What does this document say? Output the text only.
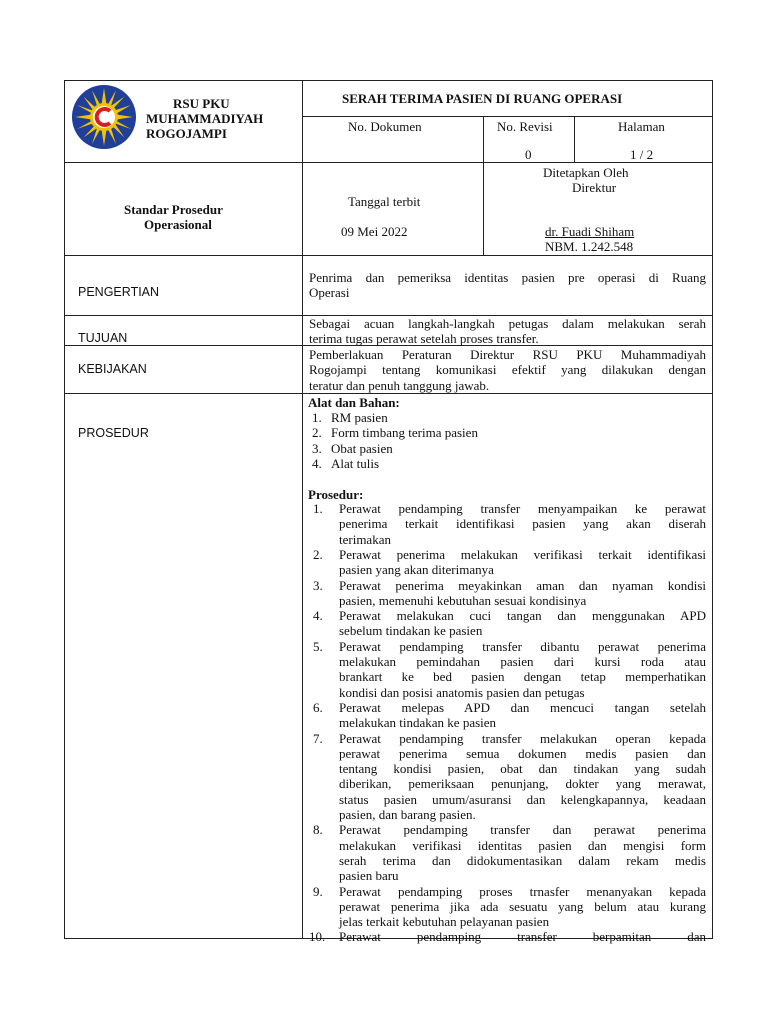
RSU PKU
MUHAMMADIYAH
ROGOJAMPI
SERAH TERIMA PASIEN DI RUANG OPERASI
No. Dokumen	No. Revisi
0
Halaman
1 / 2
Standar Prosedur
Operasional
Tanggal terbit
09 Mei 2022
Ditetapkan Oleh
Direktur
dr. Fuadi Shiham
NBM. 1.242.548
PENGERTIAN
TUJUAN
KEBIJAKAN
PROSEDUR
Penrima dan pemeriksa identitas pasien pre operasi di Ruang
Operasi
Sebagai acuan langkah-langkah petugas dalam melakukan serah
terima tugas perawat setelah proses transfer.
Pemberlakuan Peraturan Direktur RSU PKU Muhammadiyah
Rogojampi tentang komunikasi efektif yang dilakukan dengan
teratur dan penuh tanggung jawab.
Alat dan Bahan:
1. RM pasien
2. Form timbang terima pasien
3. Obat pasien
4. Alat tulis
Prosedur:
1. Perawat pendamping transfer menyampaikan ke perawat
penerima terkait identifikasi pasien yang akan diserah
terimakan
2. Perawat penerima melakukan verifikasi terkait identifikasi
pasien yang akan diterimanya
3. Perawat penerima meyakinkan aman dan nyaman kondisi
pasien, memenuhi kebutuhan sesuai kondisinya
4. Perawat melakukan cuci tangan dan menggunakan APD
sebelum tindakan ke pasien
5. Perawat pendamping transfer dibantu perawat penerima
melakukan pemindahan pasien dari kursi roda atau
brankart ke bed pasien dengan tetap memperhatikan
kondisi dan posisi anatomis pasien dan petugas
6. Perawat melepas APD dan mencuci tangan setelah
melakukan tindakan ke pasien
7. Perawat pendamping transfer melakukan operan kepada
perawat penerima semua dokumen medis pasien dan
tentang kondisi pasien, obat dan tindakan yang sudah
diberikan, pemeriksaan penunjang, dokter yang merawat,
status pasien umum/asuransi dan kelengkapannya, keadaan
pasien, dan barang pasien.
8. Perawat pendamping transfer dan perawat penerima
melakukan verifikasi identitas pasien dan mengisi form
serah terima dan didokumentasikan dalam rekam medis
pasien baru
9. Perawat pendamping proses trnasfer menanyakan kepada
perawat penerima jika ada sesuatu yang belum atau kurang
jelas terkait kebutuhan pelayanan pasien
10. Perawat pendamping transfer berpamitan dan
